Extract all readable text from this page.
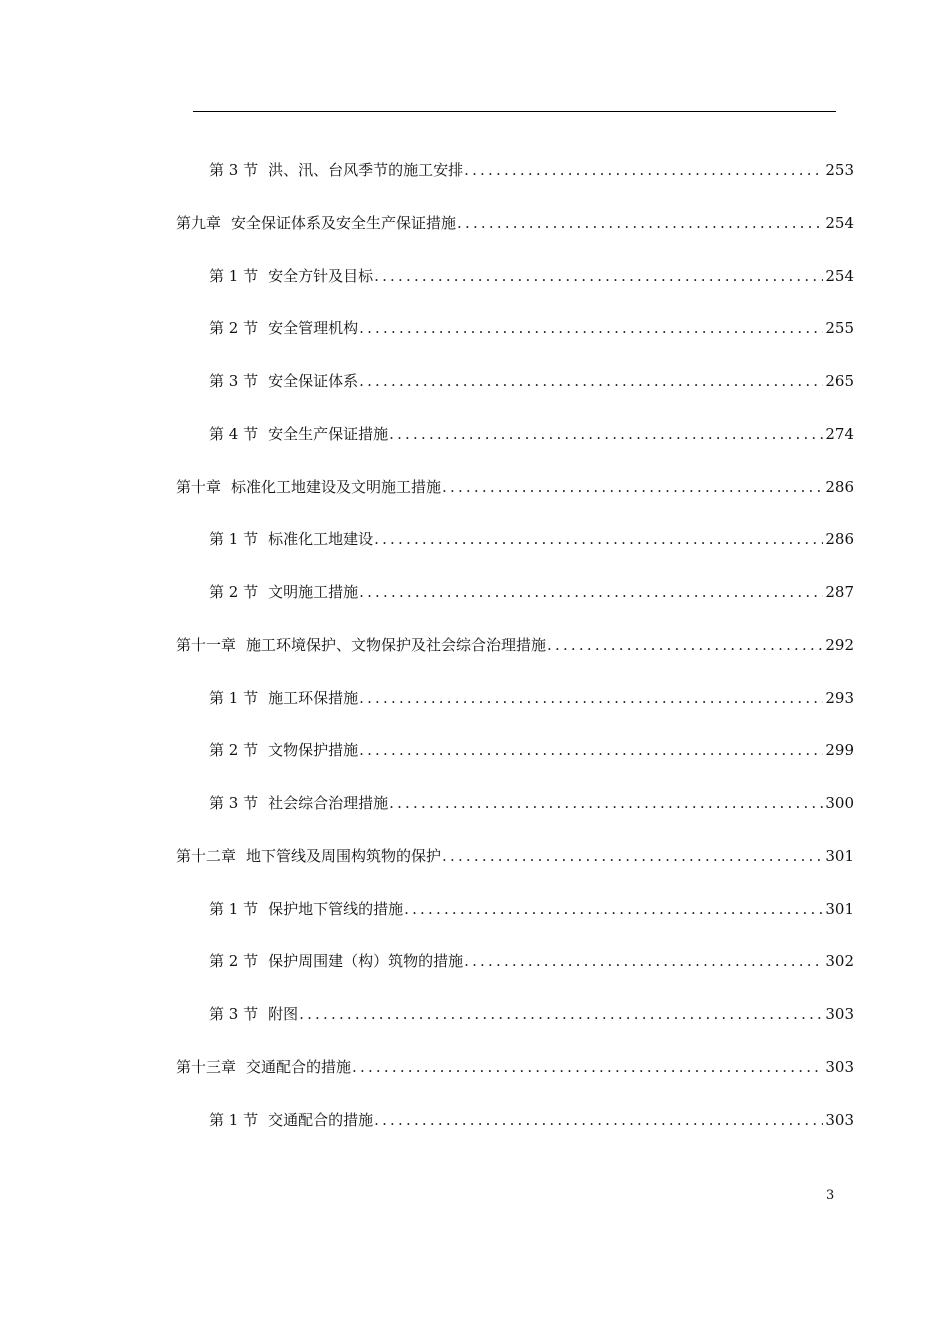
第 3 节 洪、汛、台风季节的施工安排 .....	253
第九章 安全保证体系及安全生产保证措施 .....	254
第 1 节 安全方针及目标 .....	254
第 2 节 安全管理机构 .....	255
第 3 节 安全保证体系 .....	265
第 4 节 安全生产保证措施 .....	274
第十章 标准化工地建设及文明施工措施 .....	286
第 1 节 标准化工地建设 .....	286
第 2 节 文明施工措施 .....	287
第十一章 施工环境保护、文物保护及社会综合治理措施 .....	292
第 1 节 施工环保措施 .....	293
第 2 节 文物保护措施 .....	299
第 3 节 社会综合治理措施 .....	300
第十二章 地下管线及周围构筑物的保护 .....	301
第 1 节 保护地下管线的措施 .....	301
第 2 节 保护周围建（构）筑物的措施 .....	302
第 3 节 附图 .....	303
第十三章 交通配合的措施 .....	303
第 1 节 交通配合的措施 .....	303
3
